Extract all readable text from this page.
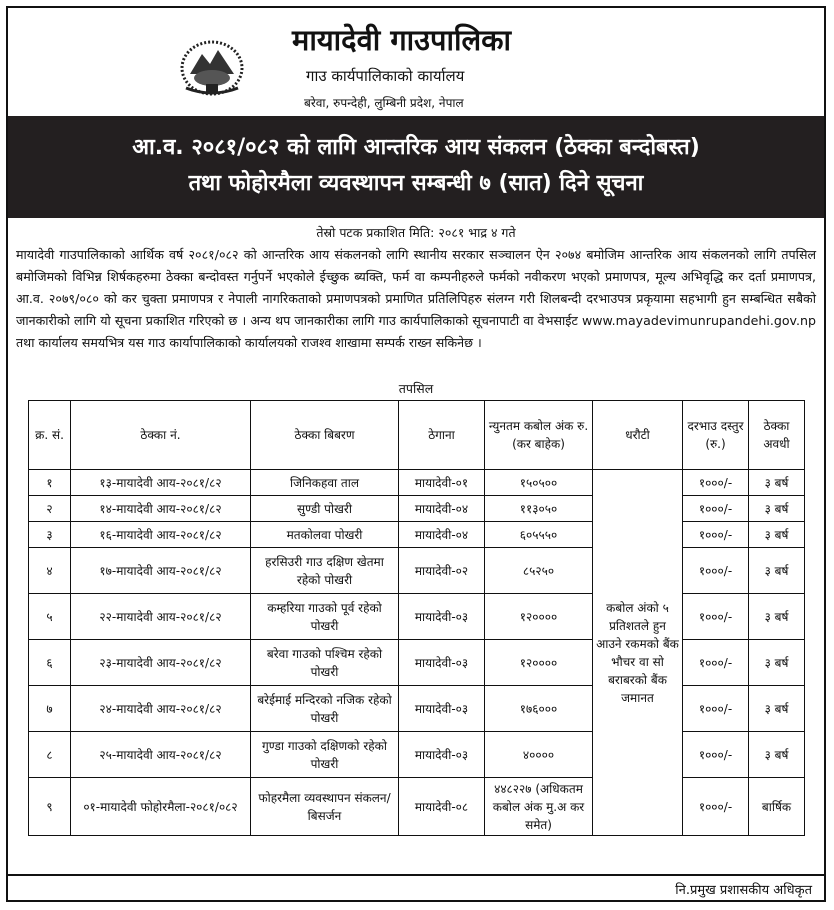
मायादेवी गाउपालिका
गाउ कार्यपालिकाको कार्यालय
बरेवा, रुपन्देही, लुम्बिनी प्रदेश, नेपाल
आ.व. २०८१/०८२ को लागि आन्तरिक आय संकलन (ठेक्का बन्दोबस्त)
तथा फोहोरमैला व्यवस्थापन सम्बन्धी ७ (सात) दिने सूचना
तेस्रो पटक प्रकाशित मिति: २०८१ भाद्र ४ गते
मायादेवी गाउपालिकाको आर्थिक वर्ष २०८१/०८२ को आन्तरिक आय संकलनको लागि स्थानीय सरकार सञ्चालन ऐन २०७४ बमोजिम आन्तरिक आय संकलनको लागि तपसिल बमोजिमको विभिन्न शिर्षकहरुमा ठेक्का बन्दोवस्त गर्नुपर्ने भएकोले ईच्छुक ब्यक्ति, फर्म वा कम्पनीहरुले फर्मको नवीकरण भएको प्रमाणपत्र, मूल्य अभिवृद्धि कर दर्ता प्रमाणपत्र, आ.व. २०७९/०८० को कर चुक्ता प्रमाणपत्र र नेपाली नागरिकताको प्रमाणपत्रको प्रमाणित प्रतिलिपिहरु संलग्न गरी शिलबन्दी दरभाउपत्र प्रकृयामा सहभागी हुन सम्बन्धित सबैको जानकारीको लागि यो सूचना प्रकाशित गरिएको छ । अन्य थप जानकारीका लागि गाउ कार्यपालिकाको सूचनापाटी वा वेभसाईट www.mayadevimunrupandehi.gov.np तथा कार्यालय समयभित्र यस गाउ कार्यापालिकाको कार्यालयको राजश्व शाखामा सम्पर्क राख्न सकिनेछ ।
तपसिल
क्र. सं.	ठेक्का नं.	ठेक्का बिबरण	ठेगाना	न्युनतम कबोल अंक रु. (कर बाहेक)	धरौटी	दरभाउ दस्तुर (रु.)	ठेक्का अवधी
१	१३-मायादेवी आय-२०८१/८२	जिनिकहवा ताल	मायादेवी-०१	१५०५००	कबोल अंको ५ प्रतिशतले हुन आउने रकमको बैंक भौचर वा सो बराबरको बैंक जमानत	१०००/-	३ बर्ष
२	१४-मायादेवी आय-२०८१/८२	सुण्डी पोखरी	मायादेवी-०४	११३०५०		१०००/-	३ बर्ष
३	१६-मायादेवी आय-२०८१/८२	मतकोलवा पोखरी	मायादेवी-०४	६०५५५०		१०००/-	३ बर्ष
४	१७-मायादेवी आय-२०८१/८२	हरसिउरी गाउ दक्षिण खेतमा रहेको पोखरी	मायादेवी-०२	८५२५०		१०००/-	३ बर्ष
५	२२-मायादेवी आय-२०८१/८२	कम्हरिया गाउको पूर्व रहेको पोखरी	मायादेवी-०३	१२००००		१०००/-	३ बर्ष
६	२३-मायादेवी आय-२०८१/८२	बरेवा गाउको पश्चिम रहेको पोखरी	मायादेवी-०३	१२००००		१०००/-	३ बर्ष
७	२४-मायादेवी आय-२०८१/८२	बरेईमाई मन्दिरको नजिक रहेको पोखरी	मायादेवी-०३	१७६०००		१०००/-	३ बर्ष
८	२५-मायादेवी आय-२०८१/८२	गुण्डा गाउको दक्षिणको रहेको पोखरी	मायादेवी-०३	४००००		१०००/-	३ बर्ष
९	०१-मायादेवी फोहोरमैला-२०८१/०८२	फोहरमैला व्यवस्थापन संकलन/बिसर्जन	मायादेवी-०८	४४८२२७ (अधिकतम कबोल अंक मु.अ कर समेत)		१०००/-	बार्षिक
नि.प्रमुख प्रशासकीय अधिकृत
